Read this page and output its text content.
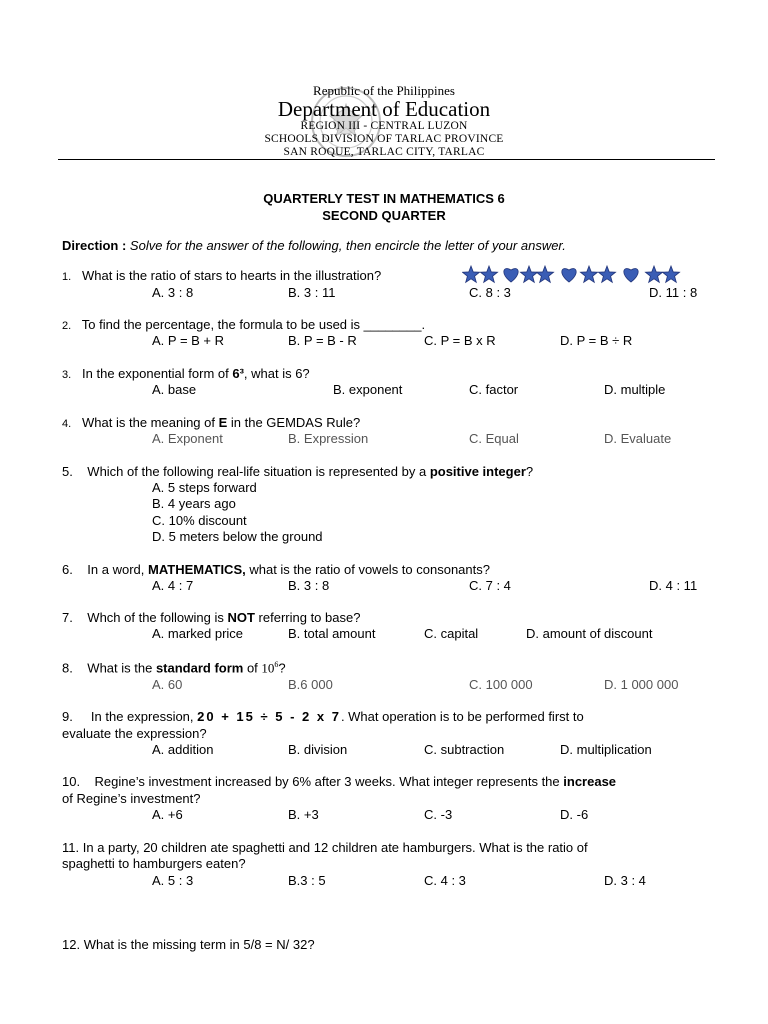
Republic of the Philippines
Department of Education
REGION III - CENTRAL LUZON
SCHOOLS DIVISION OF TARLAC PROVINCE
SAN ROQUE, TARLAC CITY, TARLAC
QUARTERLY TEST IN MATHEMATICS 6
SECOND QUARTER
Direction : Solve for the answer of the following, then encircle the letter of your answer.
1. What is the ratio of stars to hearts in the illustration?
A. 3 : 8	B. 3 : 11	C. 8 : 3	D. 11 : 8
2. To find the percentage, the formula to be used is ________.
A. P = B + R	B. P = B - R	C. P = B x R	D. P = B ÷ R
3. In the exponential form of 6³, what is 6?
A. base	B. exponent	C. factor	D. multiple
4. What is the meaning of E in the GEMDAS Rule?
A. Exponent	B. Expression	C. Equal	D. Evaluate
5. Which of the following real-life situation is represented by a positive integer?
A. 5 steps forward
B. 4 years ago
C. 10% discount
D. 5 meters below the ground
6. In a word, MATHEMATICS, what is the ratio of vowels to consonants?
A. 4 : 7	B. 3 : 8	C. 7 : 4	D. 4 : 11
7. Whch of the following is NOT referring to base?
A. marked price	B. total amount	C. capital	D. amount of discount
8. What is the standard form of $10^6$?
A. 60	B.6 000	C. 100 000	D. 1 000 000
9. In the expression, 20 + 15 ÷ 5 - 2 x 7. What operation is to be performed first to
evaluate the expression?
A. addition	B. division	C. subtraction	D. multiplication
10. Regine’s investment increased by 6% after 3 weeks. What integer represents the increase
of Regine’s investment?
A. +6	B. +3	C. -3	D. -6
11. In a party, 20 children ate spaghetti and 12 children ate hamburgers. What is the ratio of
spaghetti to hamburgers eaten?
A. 5 : 3	B.3 : 5	C. 4 : 3	D. 3 : 4
12. What is the missing term in 5/8 = N/ 32?
